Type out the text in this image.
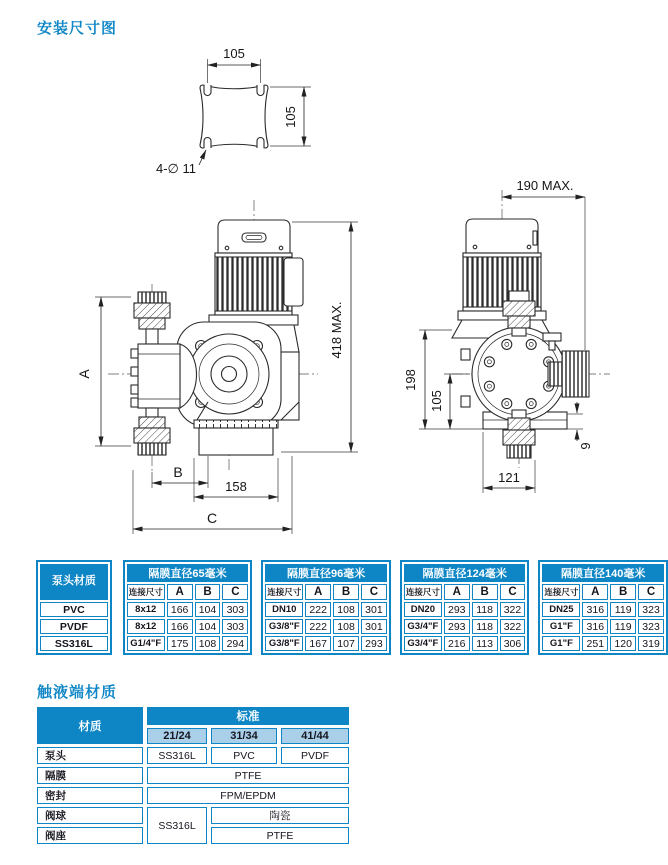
安装尺寸图
105
105
4-∅ 11
A
418 MAX.
B
158
C
190 MAX.
198
105
9
121
泵头材质
PVC
PVDF
SS316L
隔膜直径65毫米			
连接尺寸	A	B	C
8x12	166	104	303
8x12	166	104	303
G1/4"F	175	108	294
隔膜直径96毫米			
连接尺寸	A	B	C
DN10	222	108	301
G3/8"F	222	108	301
G3/8"F	167	107	293
隔膜直径124毫米			
连接尺寸	A	B	C
DN20	293	118	322
G3/4"F	293	118	322
G3/4"F	216	113	306
隔膜直径140毫米			
连接尺寸	A	B	C
DN25	316	119	323
G1"F	316	119	323
G1"F	251	120	319
触液端材质
材质	标准		
	21/24	31/34	41/44
泵头	SS316L	PVC	PVDF
隔膜	PTFE		
密封	FPM/EPDM		
阀球	SS316L	陶瓷	
阀座		PTFE	
